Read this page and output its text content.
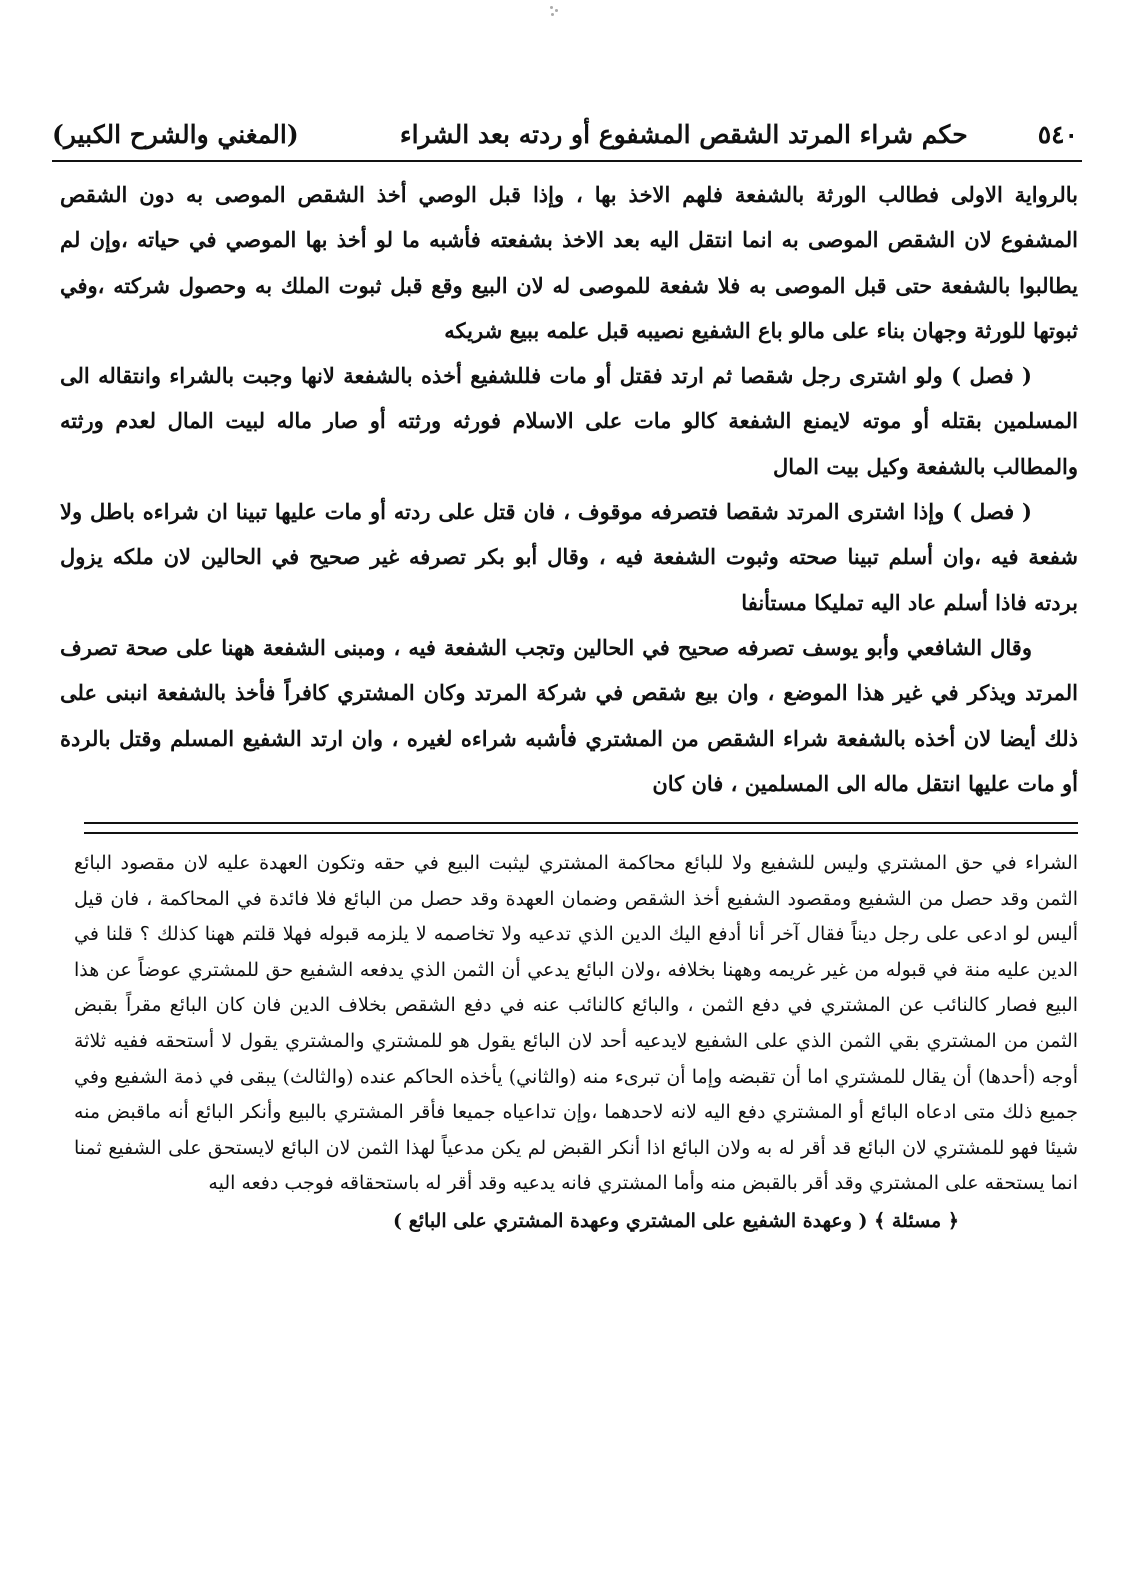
٥٤٠
حكم شراء المرتد الشقص المشفوع أو ردته بعد الشراء
(المغني والشرح الكبير)

بالرواية الاولى فطالب الورثة بالشفعة فلهم الاخذ بها ، وإذا قبل الوصي أخذ الشقص الموصى به دون الشقص المشفوع لان الشقص الموصى به انما انتقل اليه بعد الاخذ بشفعته فأشبه ما لو أخذ بها الموصي في حياته ،وإن لم يطالبوا بالشفعة حتى قبل الموصى به فلا شفعة للموصى له لان البيع وقع قبل ثبوت الملك به وحصول شركته ،وفي ثبوتها للورثة وجهان بناء على مالو باع الشفيع نصيبه قبل علمه ببيع شريكه

( فصل ) ولو اشترى رجل شقصا ثم ارتد فقتل أو مات فللشفيع أخذه بالشفعة لانها وجبت بالشراء وانتقاله الى المسلمين بقتله أو موته لايمنع الشفعة كالو مات على الاسلام فورثه ورثته أو صار ماله لبيت المال لعدم ورثته والمطالب بالشفعة وكيل بيت المال

( فصل ) وإذا اشترى المرتد شقصا فتصرفه موقوف ، فان قتل على ردته أو مات عليها تبينا ان شراءه باطل ولا شفعة فيه ،وان أسلم تبينا صحته وثبوت الشفعة فيه ، وقال أبو بكر تصرفه غير صحيح في الحالين لان ملكه يزول بردته فاذا أسلم عاد اليه تمليكا مستأنفا

وقال الشافعي وأبو يوسف تصرفه صحيح في الحالين وتجب الشفعة فيه ، ومبنى الشفعة ههنا على صحة تصرف المرتد ويذكر في غير هذا الموضع ، وان بيع شقص في شركة المرتد وكان المشتري كافراً فأخذ بالشفعة انبنى على ذلك أيضا لان أخذه بالشفعة شراء الشقص من المشتري فأشبه شراءه لغيره ، وان ارتد الشفيع المسلم وقتل بالردة أو مات عليها انتقل ماله الى المسلمين ، فان كان

الشراء في حق المشتري وليس للشفيع ولا للبائع محاكمة المشتري ليثبت البيع في حقه وتكون العهدة عليه لان مقصود البائع الثمن وقد حصل من الشفيع ومقصود الشفيع أخذ الشقص وضمان العهدة وقد حصل من البائع فلا فائدة في المحاكمة ، فان قيل أليس لو ادعى على رجل ديناً فقال آخر أنا أدفع اليك الدين الذي تدعيه ولا تخاصمه لا يلزمه قبوله فهلا قلتم ههنا كذلك ؟ قلنا في الدين عليه منة في قبوله من غير غريمه وههنا بخلافه ،ولان البائع يدعي أن الثمن الذي يدفعه الشفيع حق للمشتري عوضاً عن هذا البيع فصار كالنائب عن المشتري في دفع الثمن ، والبائع كالنائب عنه في دفع الشقص بخلاف الدين فان كان البائع مقراً بقبض الثمن من المشتري بقي الثمن الذي على الشفيع لايدعيه أحد لان البائع يقول هو للمشتري والمشتري يقول لا أستحقه ففيه ثلاثة أوجه (أحدها) أن يقال للمشتري اما أن تقبضه وإما أن تبرىء منه (والثاني) يأخذه الحاكم عنده (والثالث) يبقى في ذمة الشفيع وفي جميع ذلك متى ادعاه البائع أو المشتري دفع اليه لانه لاحدهما ،وإن تداعياه جميعا فأقر المشتري بالبيع وأنكر البائع أنه ماقبض منه شيئا فهو للمشتري لان البائع قد أقر له به ولان البائع اذا أنكر القبض لم يكن مدعياً لهذا الثمن لان البائع لايستحق على الشفيع ثمنا انما يستحقه على المشتري وقد أقر بالقبض منه وأما المشتري فانه يدعيه وقد أقر له باستحقاقه فوجب دفعه اليه

﴿ مسئلة ﴾ ( وعهدة الشفيع على المشتري وعهدة المشتري على البائع )
